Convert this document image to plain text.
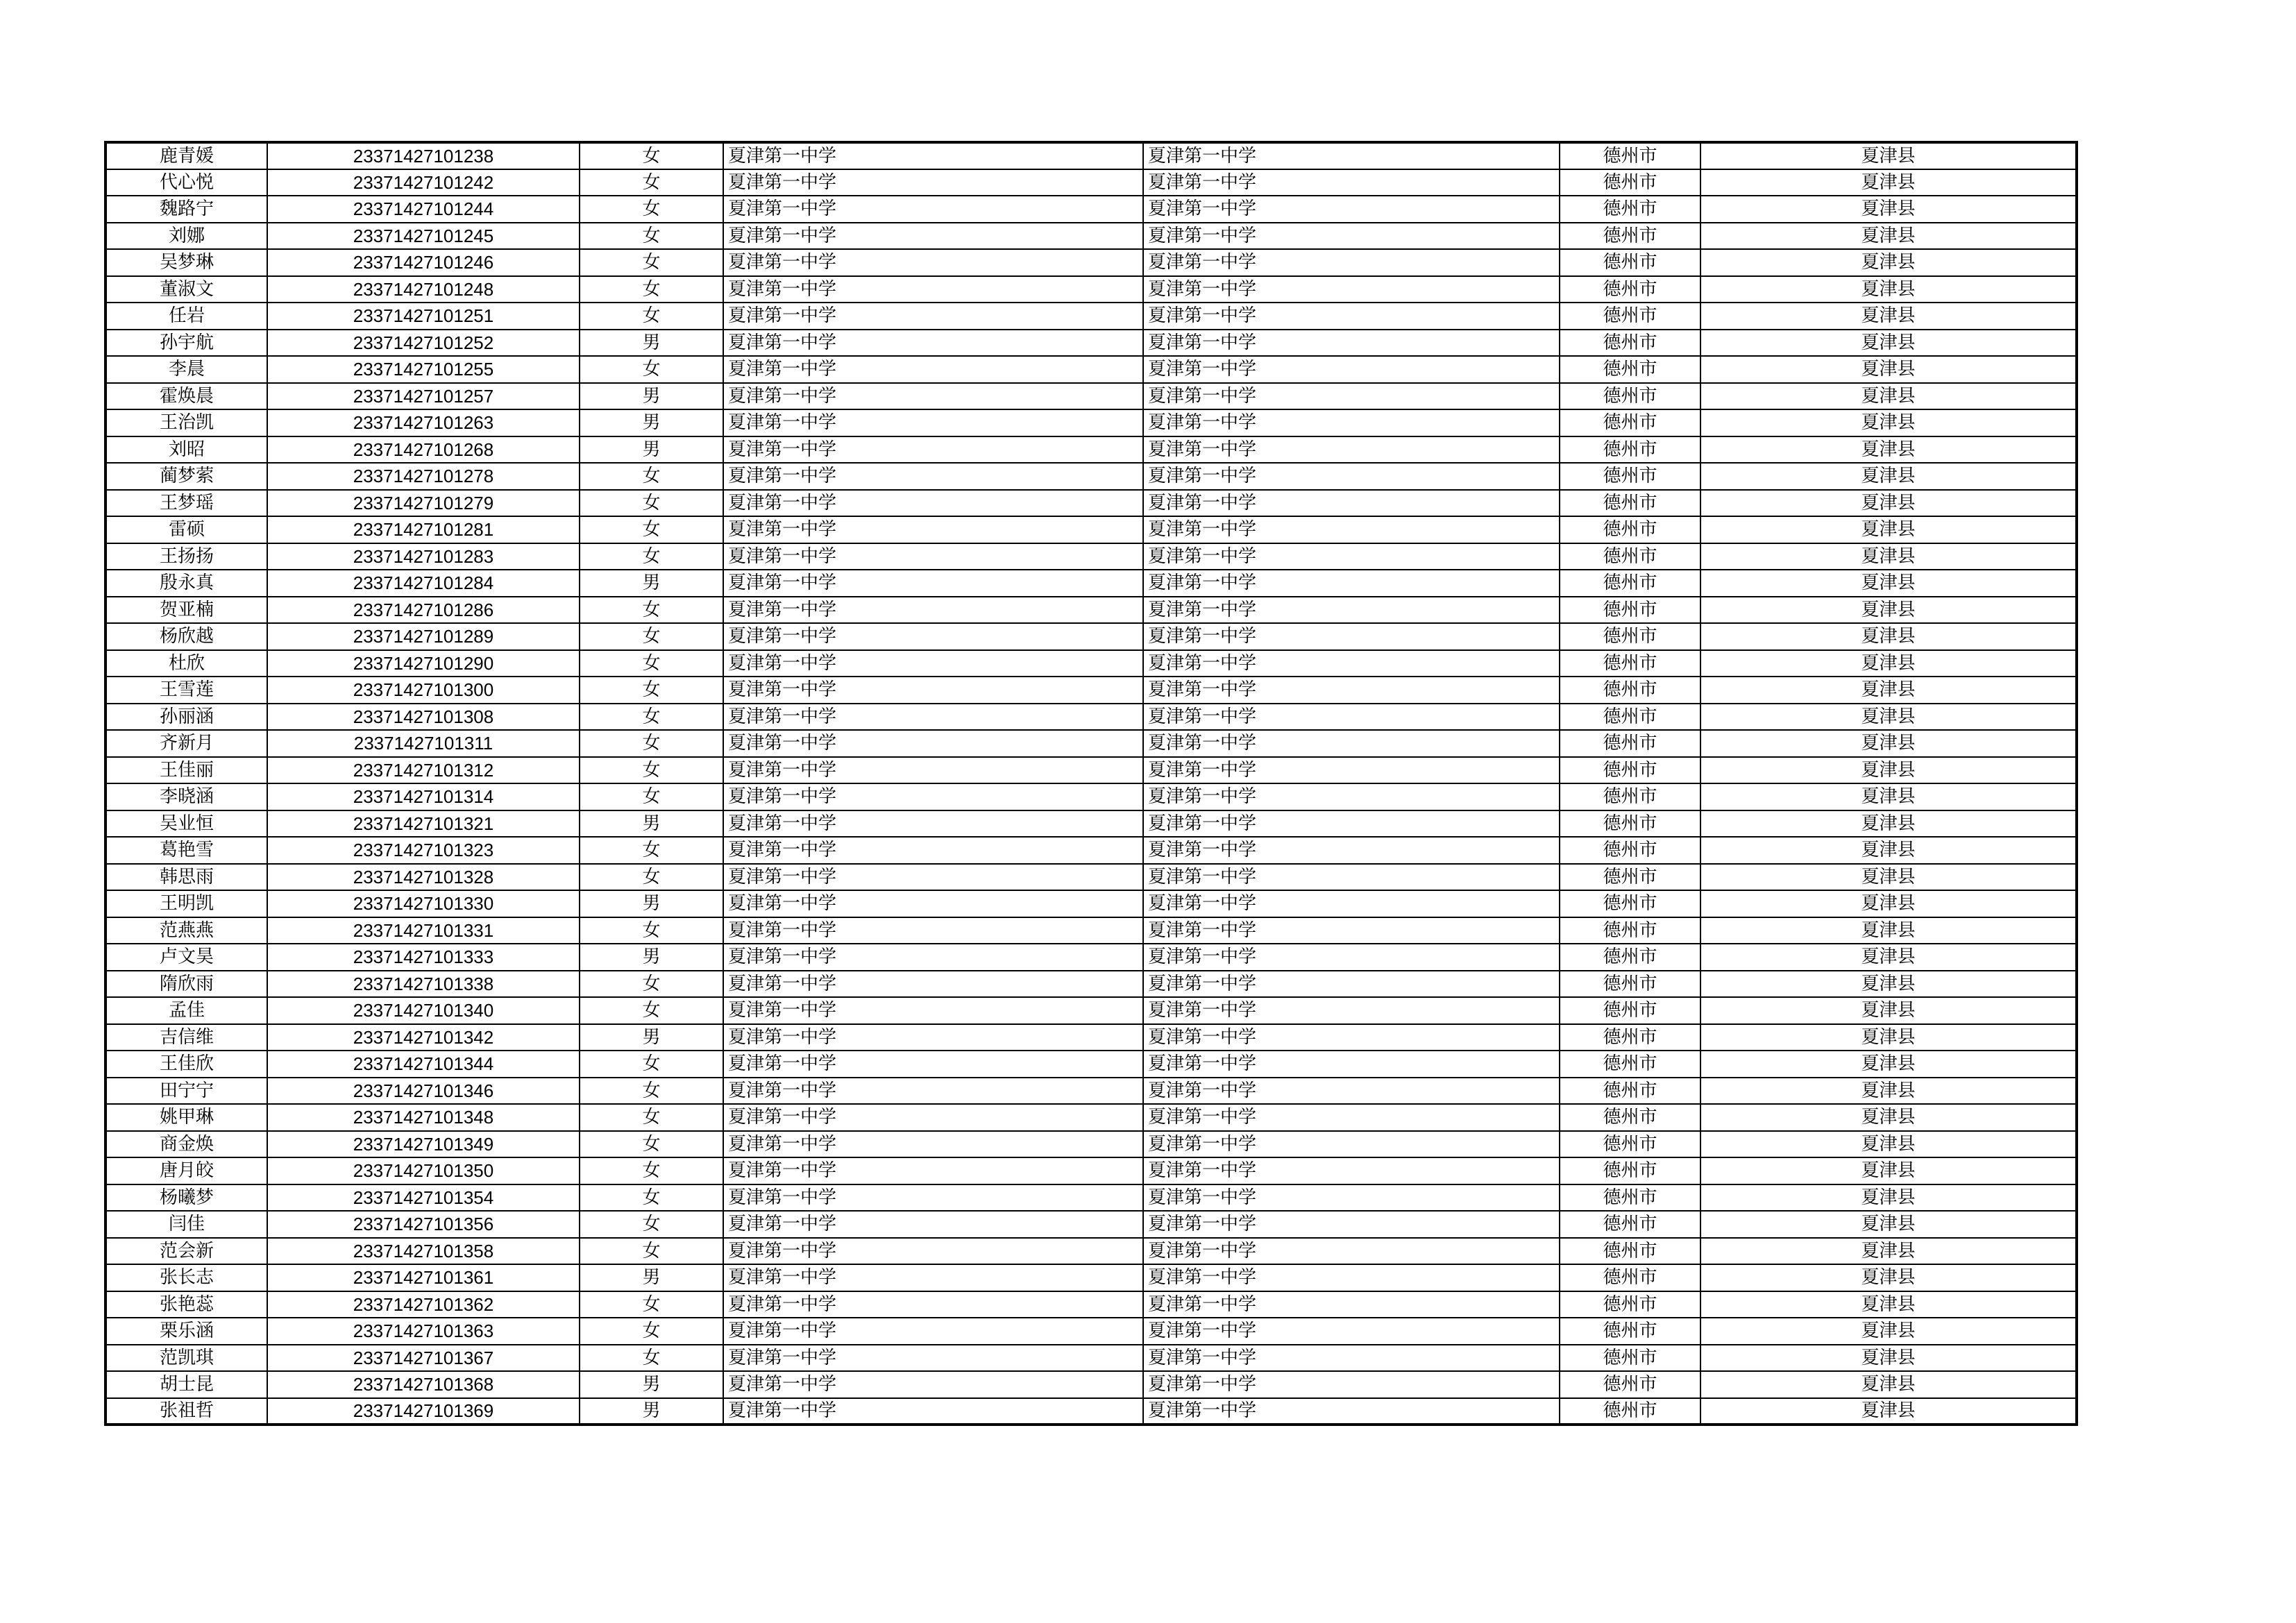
鹿青媛	23371427101238	女	夏津第一中学	夏津第一中学	德州市	夏津县
代心悦	23371427101242	女	夏津第一中学	夏津第一中学	德州市	夏津县
魏路宁	23371427101244	女	夏津第一中学	夏津第一中学	德州市	夏津县
刘娜	23371427101245	女	夏津第一中学	夏津第一中学	德州市	夏津县
吴梦琳	23371427101246	女	夏津第一中学	夏津第一中学	德州市	夏津县
董淑文	23371427101248	女	夏津第一中学	夏津第一中学	德州市	夏津县
任岩	23371427101251	女	夏津第一中学	夏津第一中学	德州市	夏津县
孙宇航	23371427101252	男	夏津第一中学	夏津第一中学	德州市	夏津县
李晨	23371427101255	女	夏津第一中学	夏津第一中学	德州市	夏津县
霍焕晨	23371427101257	男	夏津第一中学	夏津第一中学	德州市	夏津县
王治凯	23371427101263	男	夏津第一中学	夏津第一中学	德州市	夏津县
刘昭	23371427101268	男	夏津第一中学	夏津第一中学	德州市	夏津县
蔺梦萦	23371427101278	女	夏津第一中学	夏津第一中学	德州市	夏津县
王梦瑶	23371427101279	女	夏津第一中学	夏津第一中学	德州市	夏津县
雷硕	23371427101281	女	夏津第一中学	夏津第一中学	德州市	夏津县
王扬扬	23371427101283	女	夏津第一中学	夏津第一中学	德州市	夏津县
殷永真	23371427101284	男	夏津第一中学	夏津第一中学	德州市	夏津县
贺亚楠	23371427101286	女	夏津第一中学	夏津第一中学	德州市	夏津县
杨欣越	23371427101289	女	夏津第一中学	夏津第一中学	德州市	夏津县
杜欣	23371427101290	女	夏津第一中学	夏津第一中学	德州市	夏津县
王雪莲	23371427101300	女	夏津第一中学	夏津第一中学	德州市	夏津县
孙丽涵	23371427101308	女	夏津第一中学	夏津第一中学	德州市	夏津县
齐新月	23371427101311	女	夏津第一中学	夏津第一中学	德州市	夏津县
王佳丽	23371427101312	女	夏津第一中学	夏津第一中学	德州市	夏津县
李晓涵	23371427101314	女	夏津第一中学	夏津第一中学	德州市	夏津县
吴业恒	23371427101321	男	夏津第一中学	夏津第一中学	德州市	夏津县
葛艳雪	23371427101323	女	夏津第一中学	夏津第一中学	德州市	夏津县
韩思雨	23371427101328	女	夏津第一中学	夏津第一中学	德州市	夏津县
王明凯	23371427101330	男	夏津第一中学	夏津第一中学	德州市	夏津县
范燕燕	23371427101331	女	夏津第一中学	夏津第一中学	德州市	夏津县
卢文昊	23371427101333	男	夏津第一中学	夏津第一中学	德州市	夏津县
隋欣雨	23371427101338	女	夏津第一中学	夏津第一中学	德州市	夏津县
孟佳	23371427101340	女	夏津第一中学	夏津第一中学	德州市	夏津县
吉信维	23371427101342	男	夏津第一中学	夏津第一中学	德州市	夏津县
王佳欣	23371427101344	女	夏津第一中学	夏津第一中学	德州市	夏津县
田宁宁	23371427101346	女	夏津第一中学	夏津第一中学	德州市	夏津县
姚甲琳	23371427101348	女	夏津第一中学	夏津第一中学	德州市	夏津县
商金焕	23371427101349	女	夏津第一中学	夏津第一中学	德州市	夏津县
唐月皎	23371427101350	女	夏津第一中学	夏津第一中学	德州市	夏津县
杨曦梦	23371427101354	女	夏津第一中学	夏津第一中学	德州市	夏津县
闫佳	23371427101356	女	夏津第一中学	夏津第一中学	德州市	夏津县
范会新	23371427101358	女	夏津第一中学	夏津第一中学	德州市	夏津县
张长志	23371427101361	男	夏津第一中学	夏津第一中学	德州市	夏津县
张艳蕊	23371427101362	女	夏津第一中学	夏津第一中学	德州市	夏津县
栗乐涵	23371427101363	女	夏津第一中学	夏津第一中学	德州市	夏津县
范凯琪	23371427101367	女	夏津第一中学	夏津第一中学	德州市	夏津县
胡士昆	23371427101368	男	夏津第一中学	夏津第一中学	德州市	夏津县
张祖哲	23371427101369	男	夏津第一中学	夏津第一中学	德州市	夏津县
